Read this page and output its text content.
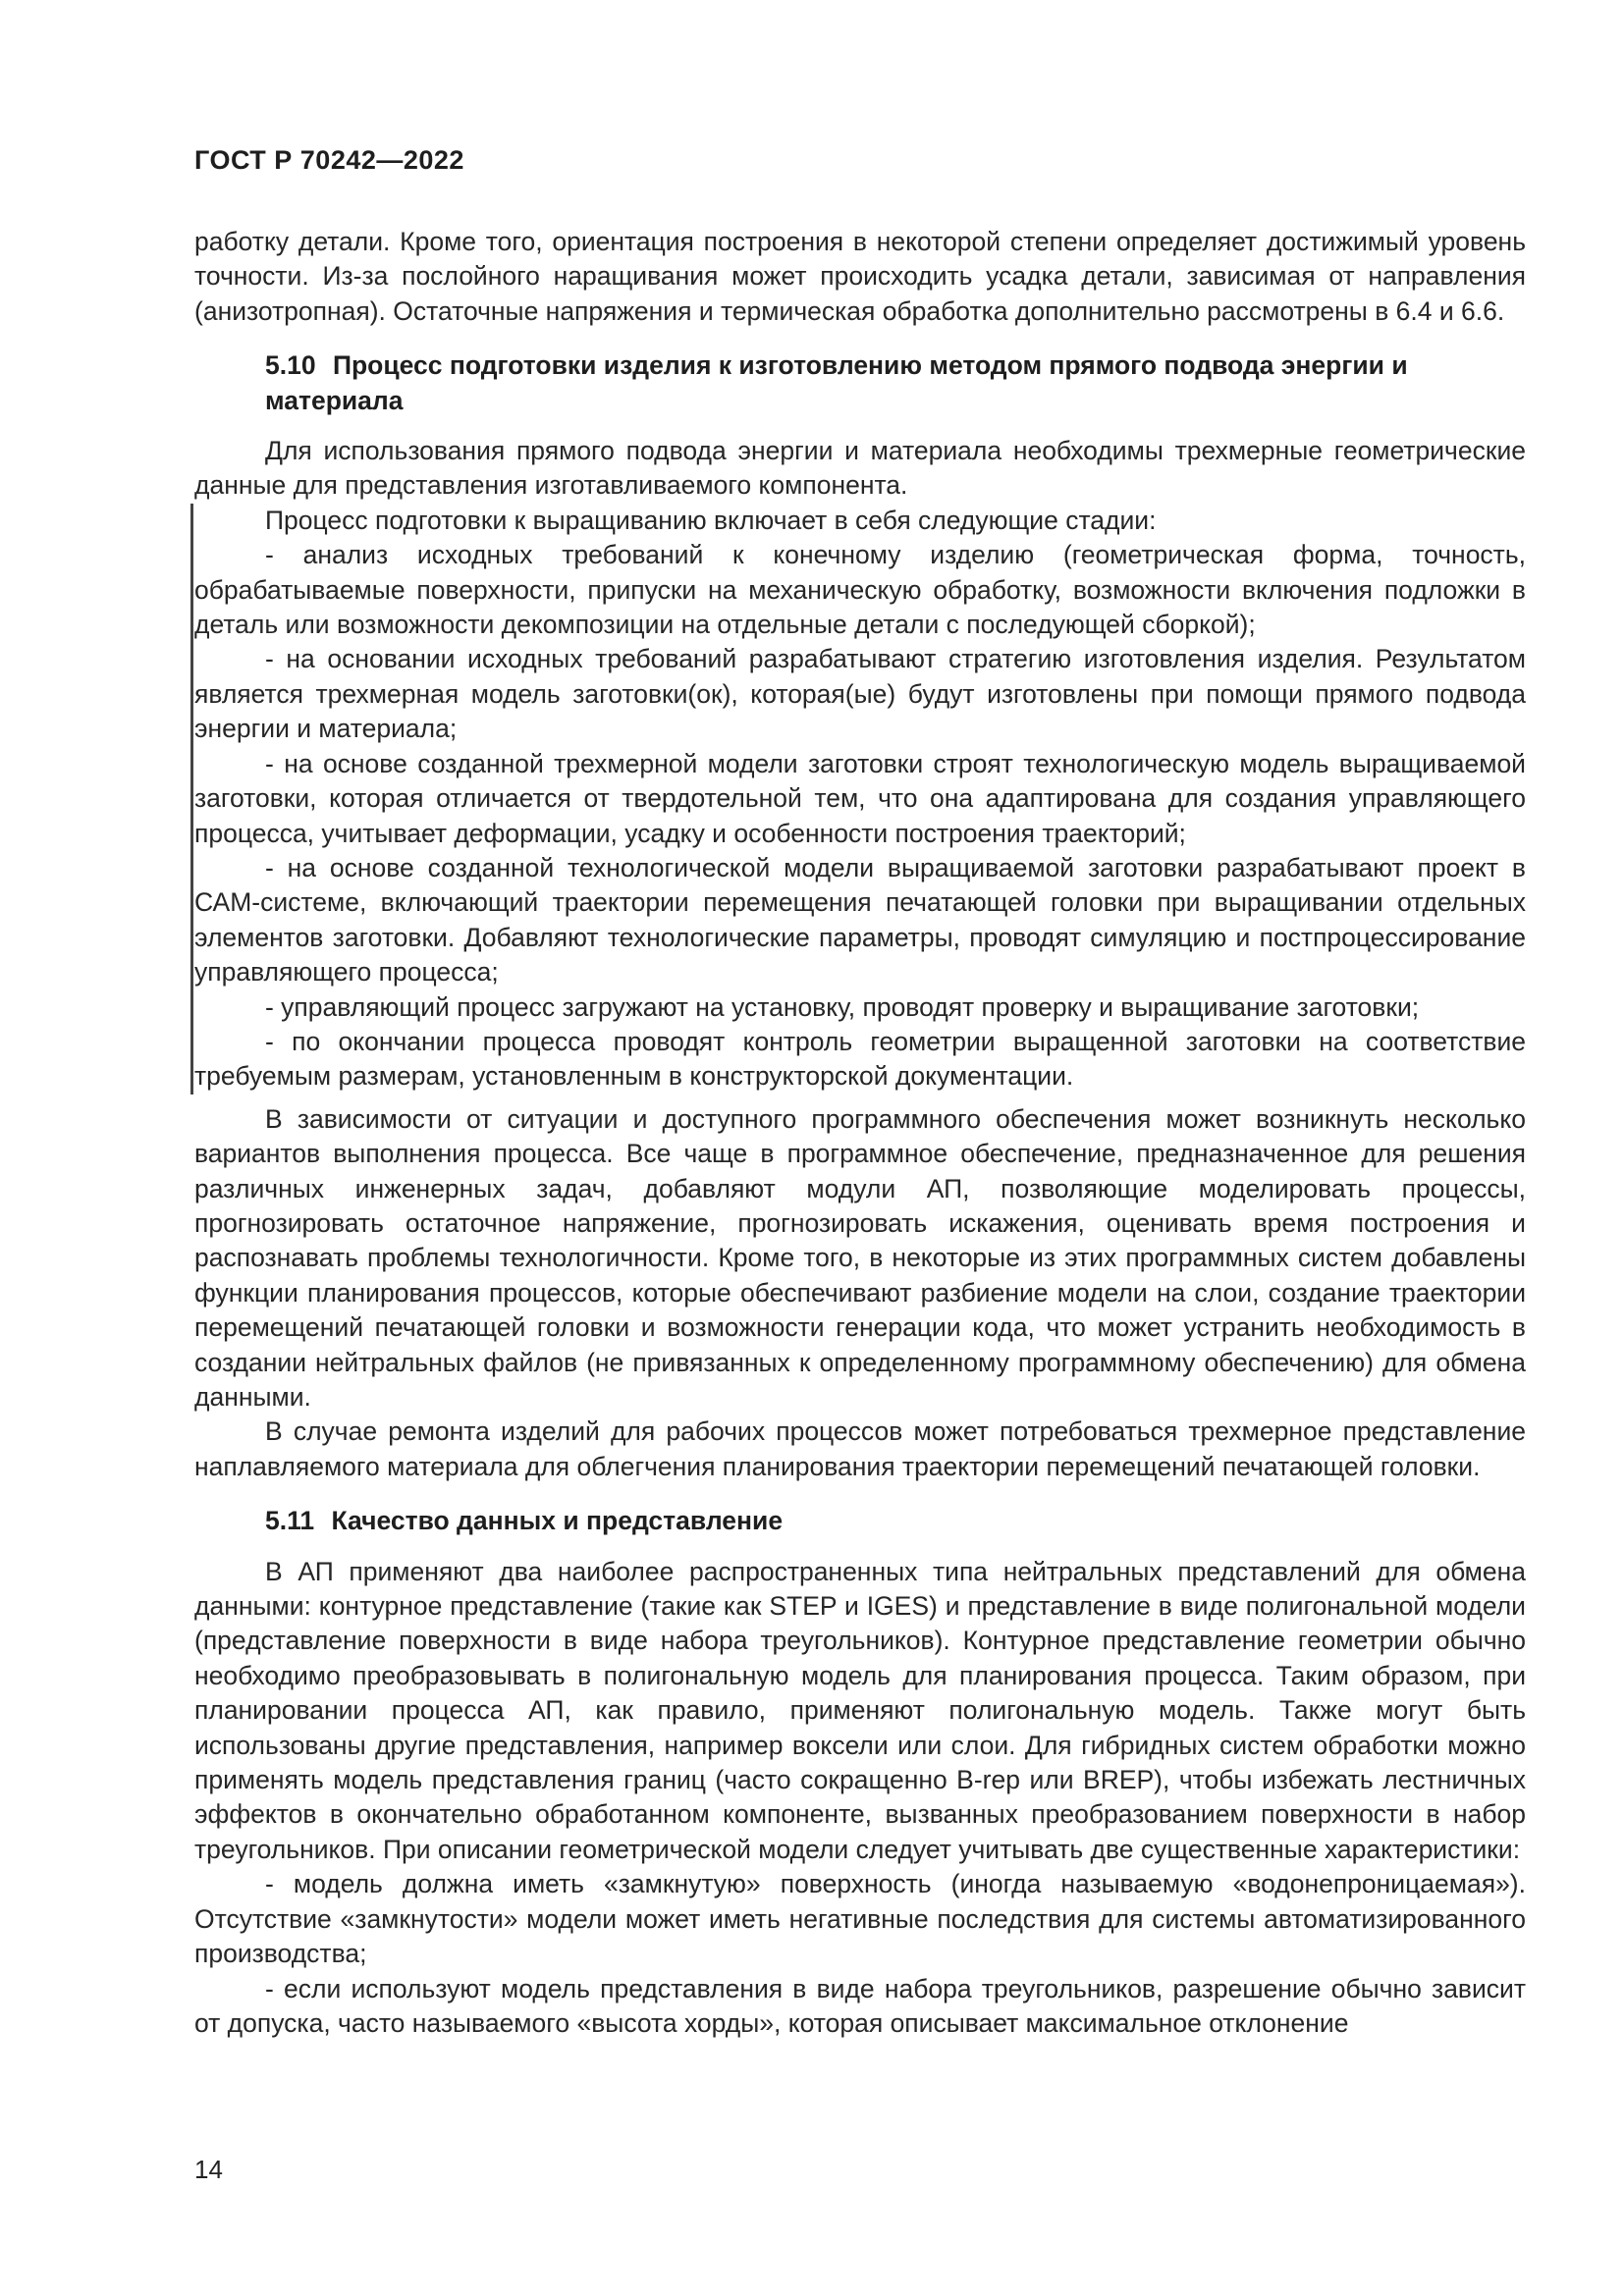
ГОСТ Р 70242—2022

работку детали. Кроме того, ориентация построения в некоторой степени определяет достижимый уровень точности. Из-за послойного наращивания может происходить усадка детали, зависимая от направления (анизотропная). Остаточные напряжения и термическая обработка дополнительно рассмотрены в 6.4 и 6.6.

5.10 Процесс подготовки изделия к изготовлению методом прямого подвода энергии и материала

Для использования прямого подвода энергии и материала необходимы трехмерные геометрические данные для представления изготавливаемого компонента.

Процесс подготовки к выращиванию включает в себя следующие стадии:

- анализ исходных требований к конечному изделию (геометрическая форма, точность, обрабатываемые поверхности, припуски на механическую обработку, возможности включения подложки в деталь или возможности декомпозиции на отдельные детали с последующей сборкой);

- на основании исходных требований разрабатывают стратегию изготовления изделия. Результатом является трехмерная модель заготовки(ок), которая(ые) будут изготовлены при помощи прямого подвода энергии и материала;

- на основе созданной трехмерной модели заготовки строят технологическую модель выращиваемой заготовки, которая отличается от твердотельной тем, что она адаптирована для создания управляющего процесса, учитывает деформации, усадку и особенности построения траекторий;

- на основе созданной технологической модели выращиваемой заготовки разрабатывают проект в САМ-системе, включающий траектории перемещения печатающей головки при выращивании отдельных элементов заготовки. Добавляют технологические параметры, проводят симуляцию и постпроцессирование управляющего процесса;

- управляющий процесс загружают на установку, проводят проверку и выращивание заготовки;

- по окончании процесса проводят контроль геометрии выращенной заготовки на соответствие требуемым размерам, установленным в конструкторской документации.

В зависимости от ситуации и доступного программного обеспечения может возникнуть несколько вариантов выполнения процесса. Все чаще в программное обеспечение, предназначенное для решения различных инженерных задач, добавляют модули АП, позволяющие моделировать процессы, прогнозировать остаточное напряжение, прогнозировать искажения, оценивать время построения и распознавать проблемы технологичности. Кроме того, в некоторые из этих программных систем добавлены функции планирования процессов, которые обеспечивают разбиение модели на слои, создание траектории перемещений печатающей головки и возможности генерации кода, что может устранить необходимость в создании нейтральных файлов (не привязанных к определенному программному обеспечению) для обмена данными.

В случае ремонта изделий для рабочих процессов может потребоваться трехмерное представление наплавляемого материала для облегчения планирования траектории перемещений печатающей головки.

5.11 Качество данных и представление

В АП применяют два наиболее распространенных типа нейтральных представлений для обмена данными: контурное представление (такие как STEP и IGES) и представление в виде полигональной модели (представление поверхности в виде набора треугольников). Контурное представление геометрии обычно необходимо преобразовывать в полигональную модель для планирования процесса. Таким образом, при планировании процесса АП, как правило, применяют полигональную модель. Также могут быть использованы другие представления, например воксели или слои. Для гибридных систем обработки можно применять модель представления границ (часто сокращенно B-rep или BREP), чтобы избежать лестничных эффектов в окончательно обработанном компоненте, вызванных преобразованием поверхности в набор треугольников. При описании геометрической модели следует учитывать две существенные характеристики:

- модель должна иметь «замкнутую» поверхность (иногда называемую «водонепроницаемая»). Отсутствие «замкнутости» модели может иметь негативные последствия для системы автоматизированного производства;

- если используют модель представления в виде набора треугольников, разрешение обычно зависит от допуска, часто называемого «высота хорды», которая описывает максимальное отклонение

14
